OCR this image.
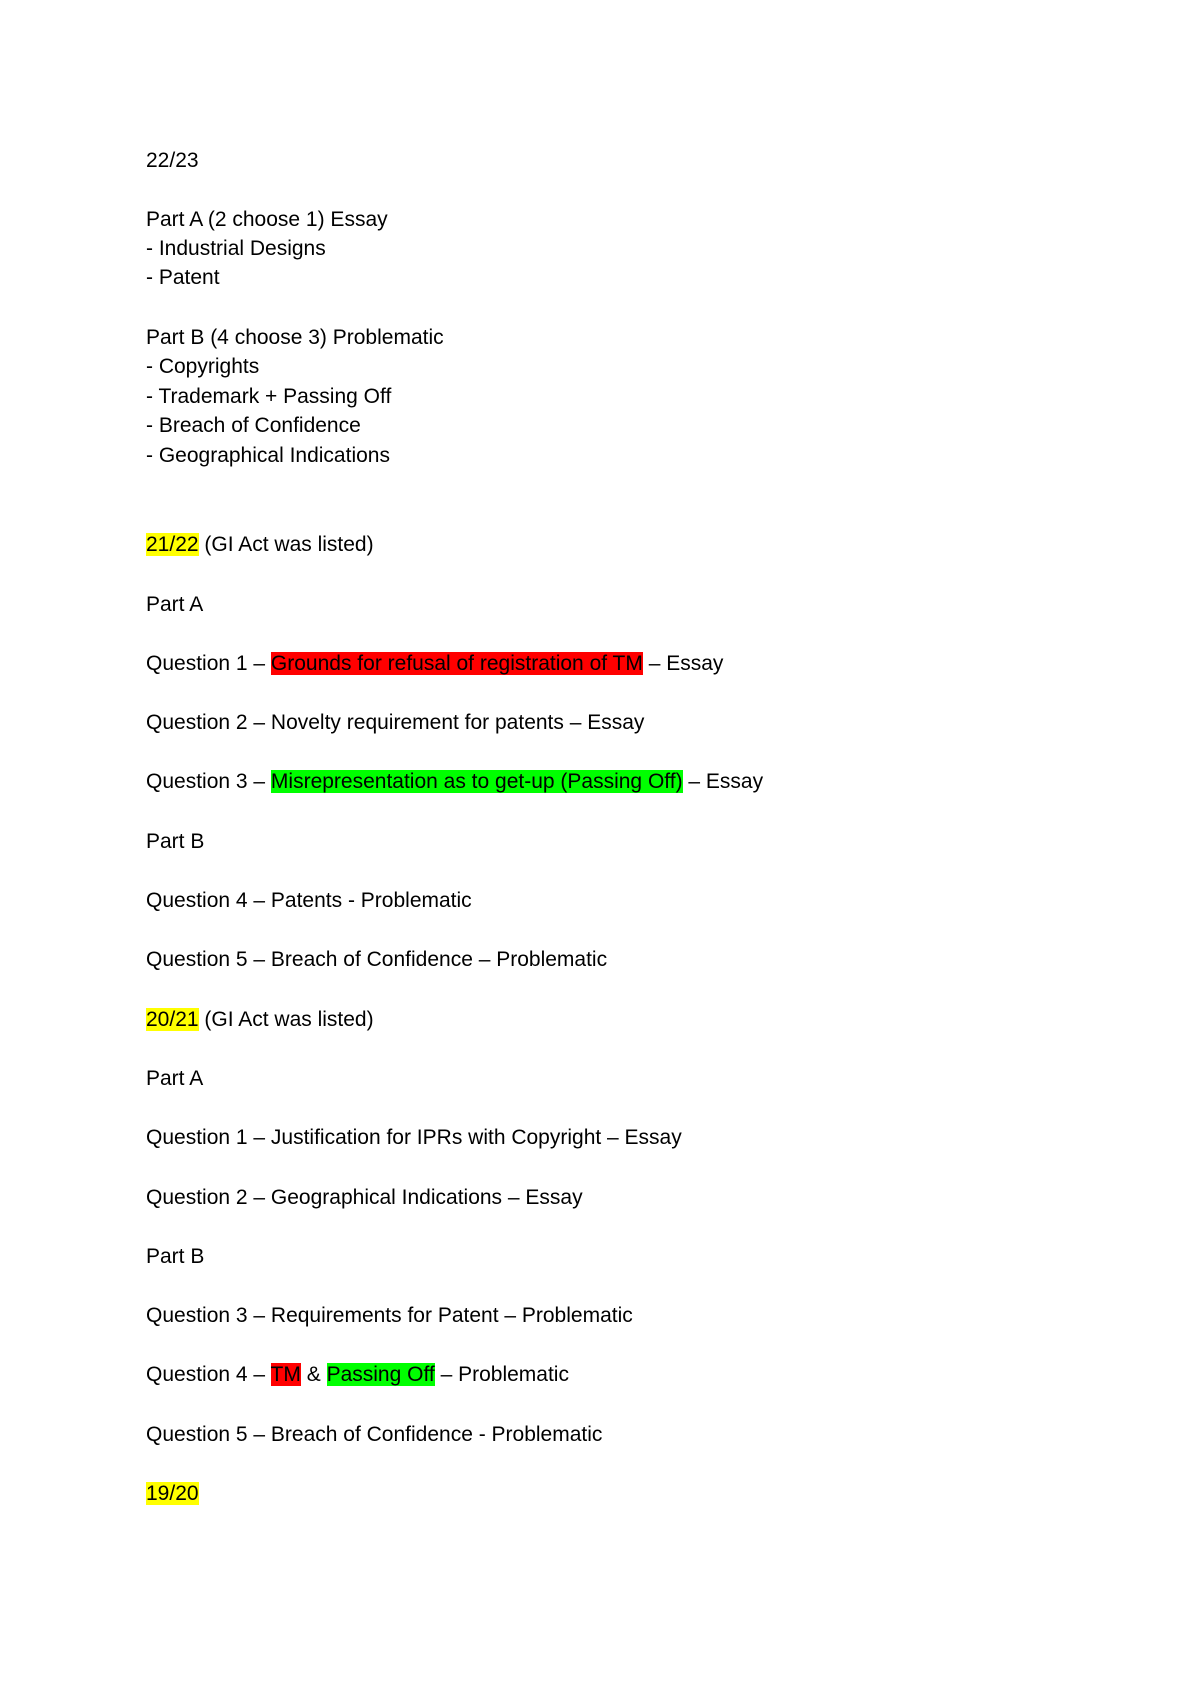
22/23
Part A (2 choose 1) Essay
- Industrial Designs
- Patent
Part B (4 choose 3) Problematic
- Copyrights
- Trademark + Passing Off
- Breach of Confidence
- Geographical Indications
21/22 (GI Act was listed)
Part A
Question 1 – Grounds for refusal of registration of TM – Essay
Question 2 – Novelty requirement for patents – Essay
Question 3 – Misrepresentation as to get-up (Passing Off) – Essay
Part B
Question 4 – Patents - Problematic
Question 5 – Breach of Confidence – Problematic
20/21 (GI Act was listed)
Part A
Question 1 – Justification for IPRs with Copyright – Essay
Question 2 – Geographical Indications – Essay
Part B
Question 3 – Requirements for Patent – Problematic
Question 4 – TM & Passing Off – Problematic
Question 5 – Breach of Confidence - Problematic
19/20
